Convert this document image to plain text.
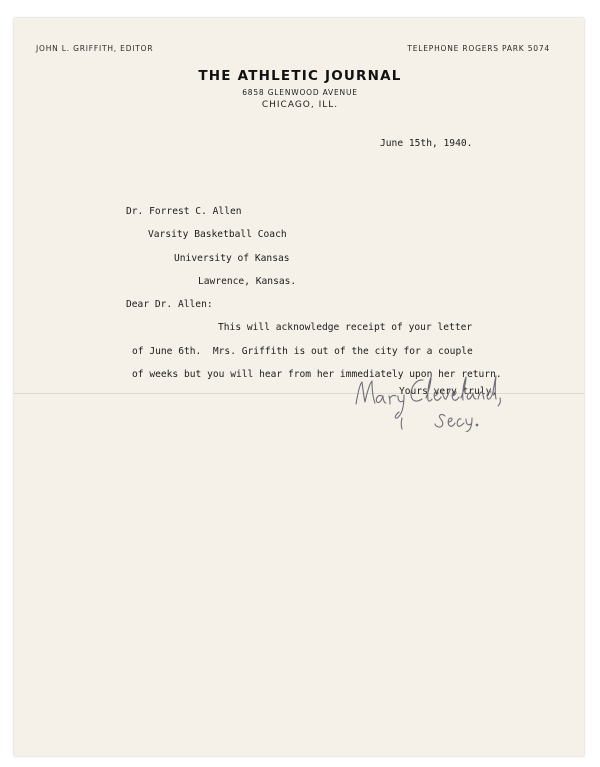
JOHN L. GRIFFITH, EDITOR	TELEPHONE ROGERS PARK 5074
THE ATHLETIC JOURNAL
6858 GLENWOOD AVENUE
CHICAGO, ILL.
June 15th, 1940.
Dr. Forrest C. Allen
Varsity Basketball Coach
University of Kansas
Lawrence, Kansas.
Dear Dr. Allen:
This will acknowledge receipt of your letter
of June 6th.  Mrs. Griffith is out of the city for a couple
of weeks but you will hear from her immediately upon her return.
Yours very truly,
